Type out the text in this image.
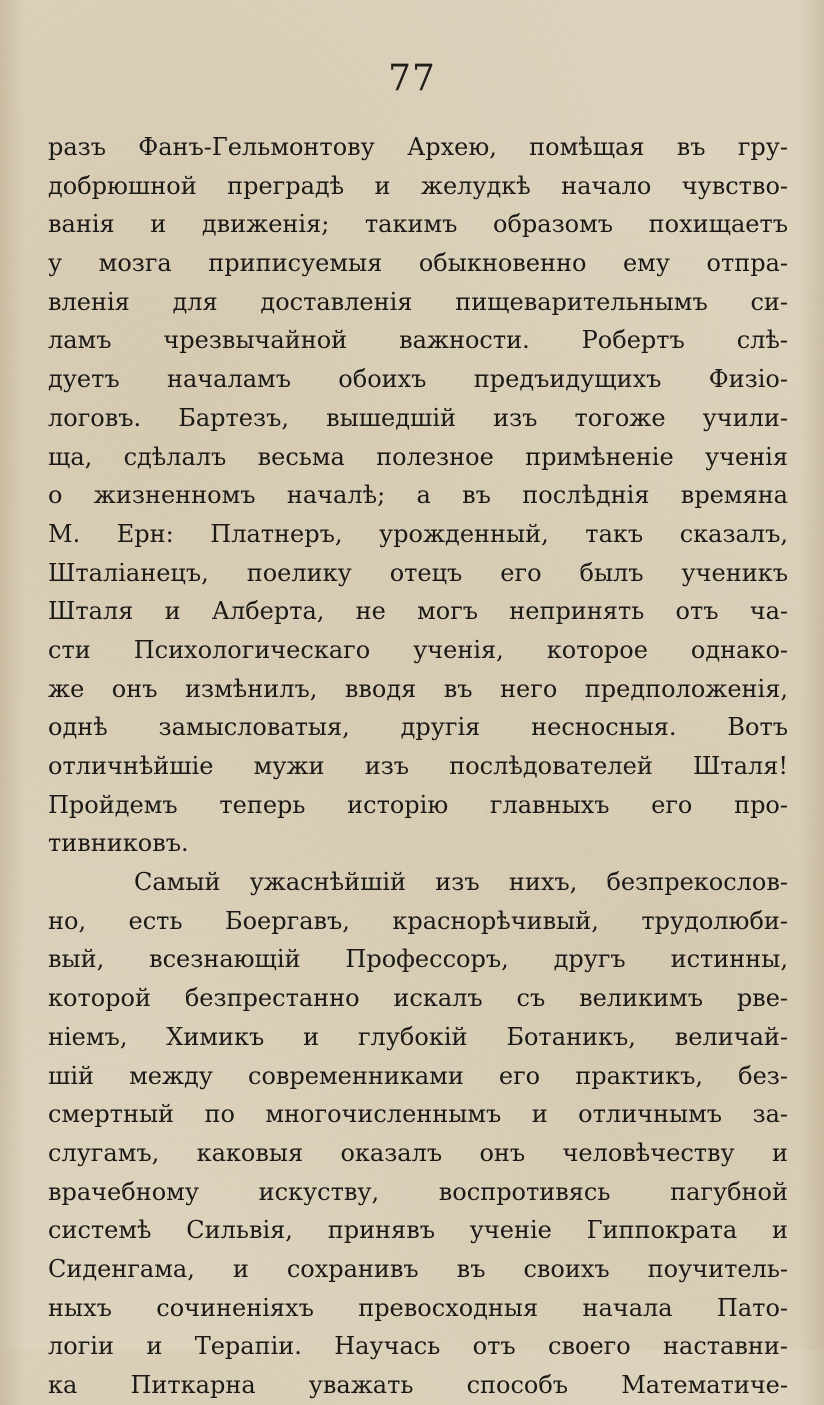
77
разъ Фанъ-Гельмонтову Архею, помѣщая въ гру-
добрюшной преградѣ и желудкѣ начало чувство-
ванія и движенія; такимъ образомъ похищаетъ
у мозга приписуемыя обыкновенно ему отпра-
вленія для доставленія пищеварительнымъ си-
ламъ чрезвычайной важности. Робертъ слѣ-
дуетъ началамъ обоихъ предъидущихъ Физіо-
логовъ. Бартезъ, вышедшій изъ тогоже учили-
ща, сдѣлалъ весьма полезное примѣненіе ученія
о жизненномъ началѣ; а въ послѣднія времяна
М. Ерн: Платнеръ, урожденный, такъ сказалъ,
Шталіанецъ, поелику отецъ его былъ ученикъ
Шталя и Алберта, не могъ непринять отъ ча-
сти Психологическаго ученія, которое однако-
же онъ измѣнилъ, вводя въ него предположенія,
однѣ замысловатыя, другія несносныя. Вотъ
отличнѣйшіе мужи изъ послѣдователей Шталя!
Пройдемъ теперь исторію главныхъ его про-
тивниковъ.
Самый ужаснѣйшій изъ нихъ, безпрекослов-
но, есть Боергавъ, краснорѣчивый, трудолюби-
вый, всезнающій Профессоръ, другъ истинны,
которой безпрестанно искалъ съ великимъ рве-
ніемъ, Химикъ и глубокій Ботаникъ, величай-
шій между современниками его практикъ, без-
смертный по многочисленнымъ и отличнымъ за-
слугамъ, каковыя оказалъ онъ человѣчеству и
врачебному искуству, воспротивясь пагубной
системѣ Сильвія, принявъ ученіе Гиппократа и
Сиденгама, и сохранивъ въ своихъ поучитель-
ныхъ сочиненіяхъ превосходныя начала Пато-
логіи и Терапіи. Научась отъ своего наставни-
ка Питкарна уважать способъ Математиче-
